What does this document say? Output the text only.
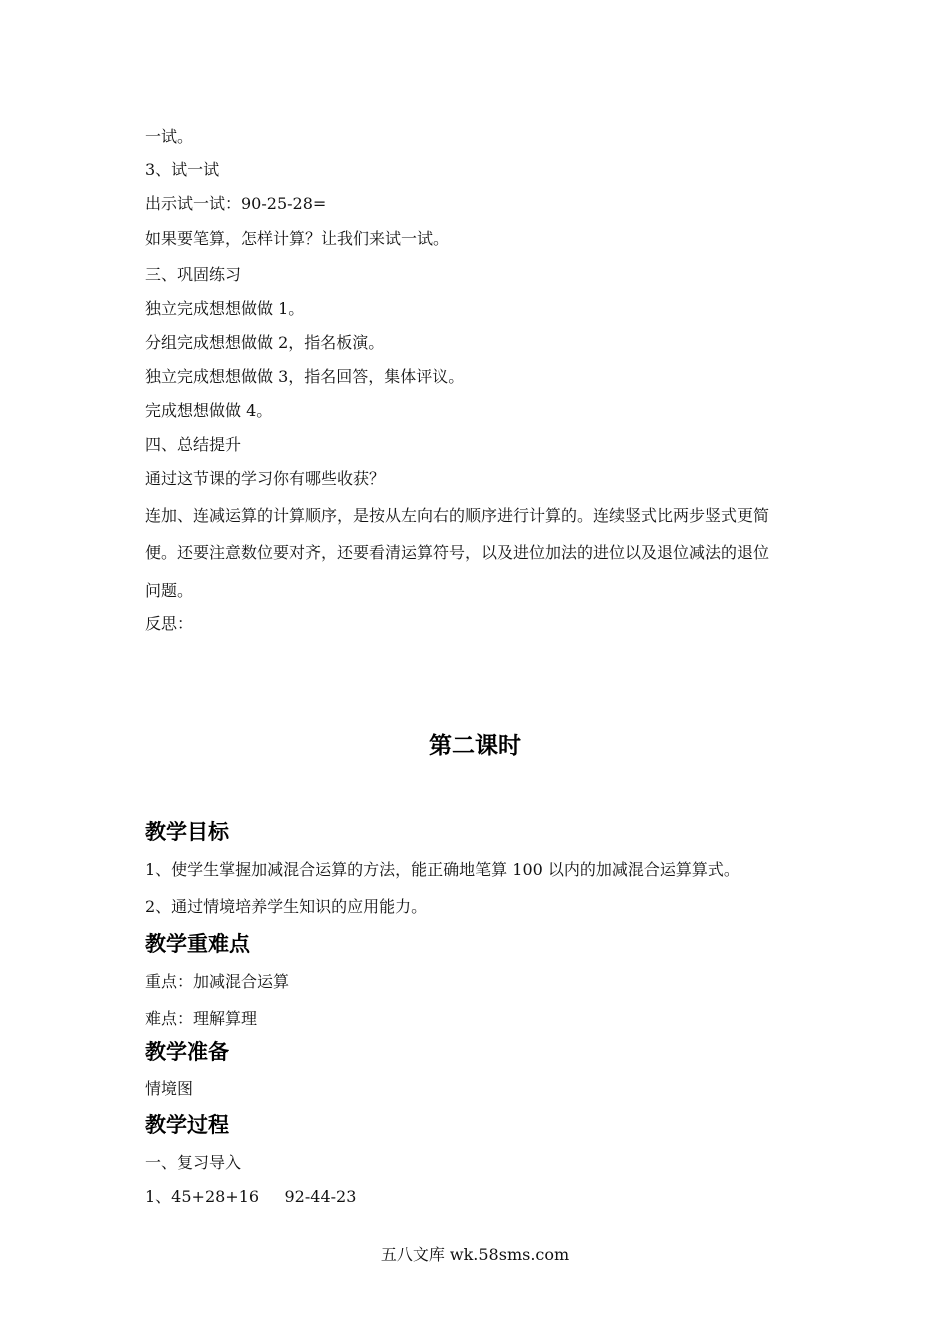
一试。

3、试一试

出示试一试：90-25-28=

如果要笔算，怎样计算？让我们来试一试。

三、巩固练习

独立完成想想做做 1。

分组完成想想做做 2，指名板演。

独立完成想想做做 3，指名回答，集体评议。

完成想想做做 4。

四、总结提升

通过这节课的学习你有哪些收获？

连加、连减运算的计算顺序，是按从左向右的顺序进行计算的。连续竖式比两步竖式更简

便。还要注意数位要对齐，还要看清运算符号，以及进位加法的进位以及退位减法的退位

问题。

反思：

第二课时
教学目标

1、使学生掌握加减混合运算的方法，能正确地笔算 100 以内的加减混合运算算式。

2、通过情境培养学生知识的应用能力。

教学重难点

重点：加减混合运算

难点：理解算理

教学准备

情境图

教学过程

一、复习导入

1、45+28+16     92-44-23

五八文库 wk.58sms.com
